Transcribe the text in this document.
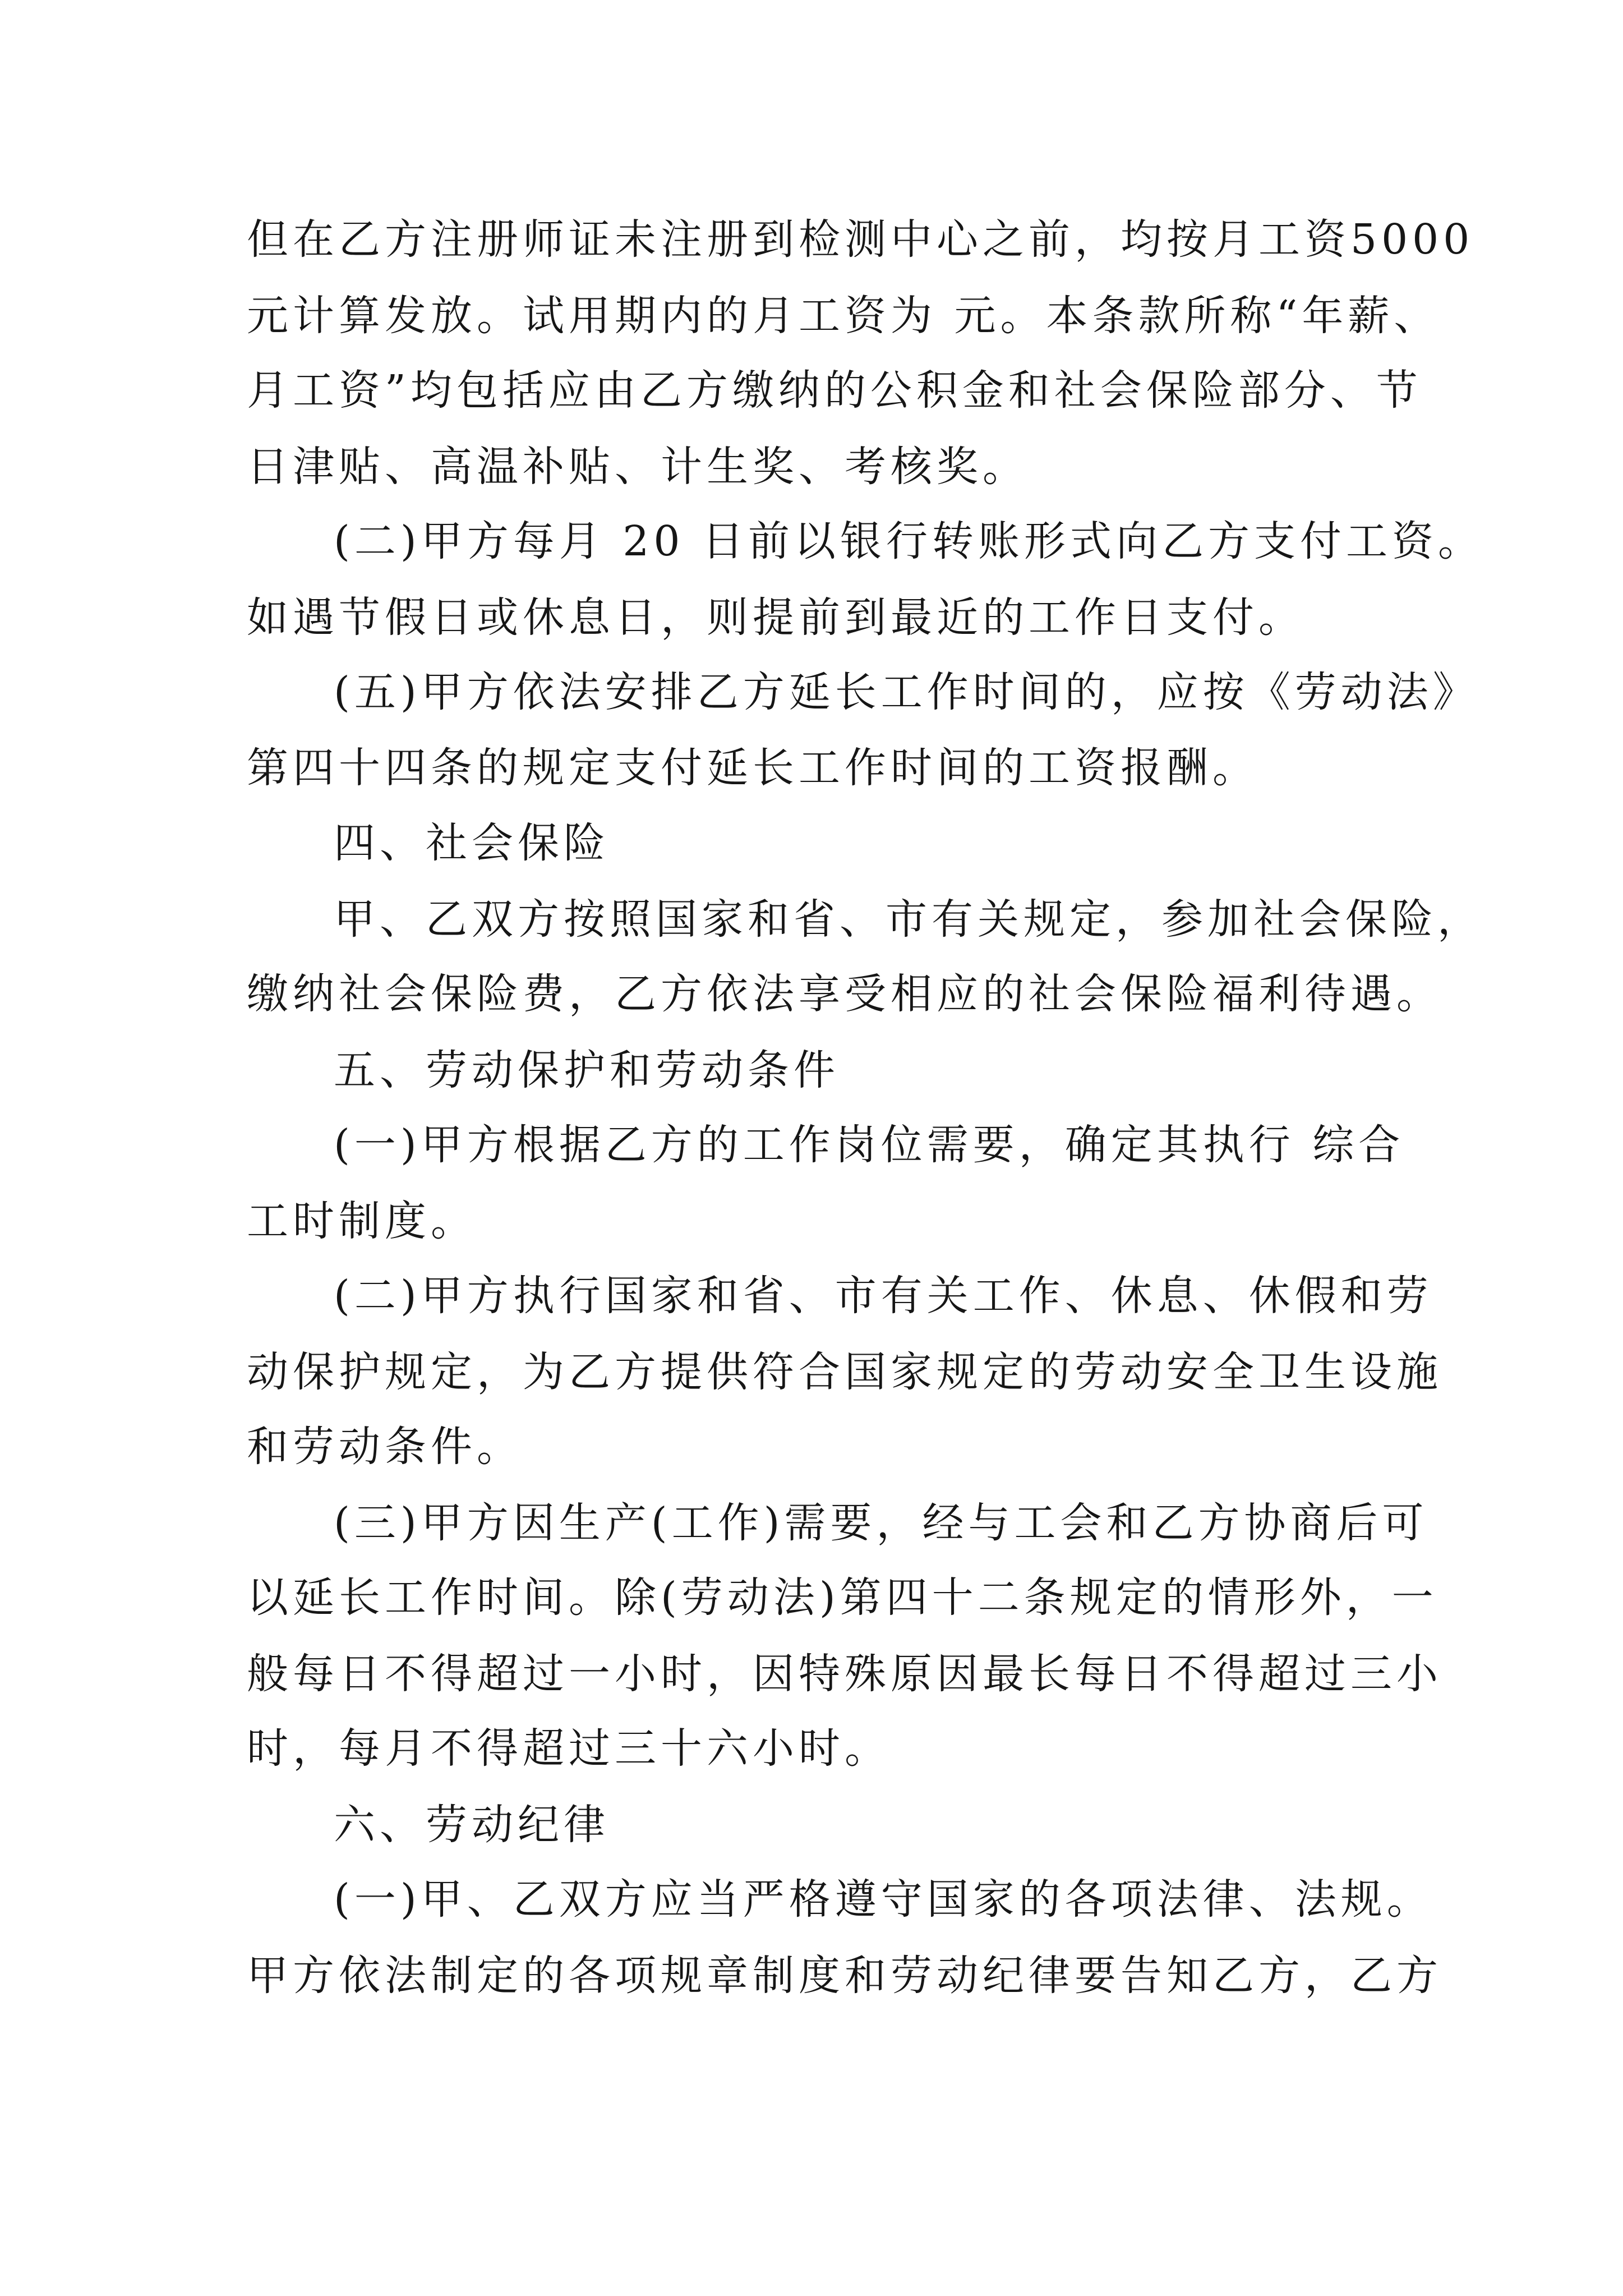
但在乙方注册师证未注册到检测中心之前，均按月工资5000
元计算发放。试用期内的月工资为 元。本条款所称“年薪、
月工资”均包括应由乙方缴纳的公积金和社会保险部分、节
日津贴、高温补贴、计生奖、考核奖。
(二)甲方每月 20 日前以银行转账形式向乙方支付工资。
如遇节假日或休息日，则提前到最近的工作日支付。
(五)甲方依法安排乙方延长工作时间的，应按《劳动法》
第四十四条的规定支付延长工作时间的工资报酬。
四、社会保险
甲、乙双方按照国家和省、市有关规定，参加社会保险，
缴纳社会保险费，乙方依法享受相应的社会保险福利待遇。
五、劳动保护和劳动条件
(一)甲方根据乙方的工作岗位需要，确定其执行 综合
工时制度。
(二)甲方执行国家和省、市有关工作、休息、休假和劳
动保护规定，为乙方提供符合国家规定的劳动安全卫生设施
和劳动条件。
(三)甲方因生产(工作)需要，经与工会和乙方协商后可
以延长工作时间。除(劳动法)第四十二条规定的情形外，一
般每日不得超过一小时，因特殊原因最长每日不得超过三小
时，每月不得超过三十六小时。
六、劳动纪律
(一)甲、乙双方应当严格遵守国家的各项法律、法规。
甲方依法制定的各项规章制度和劳动纪律要告知乙方，乙方
